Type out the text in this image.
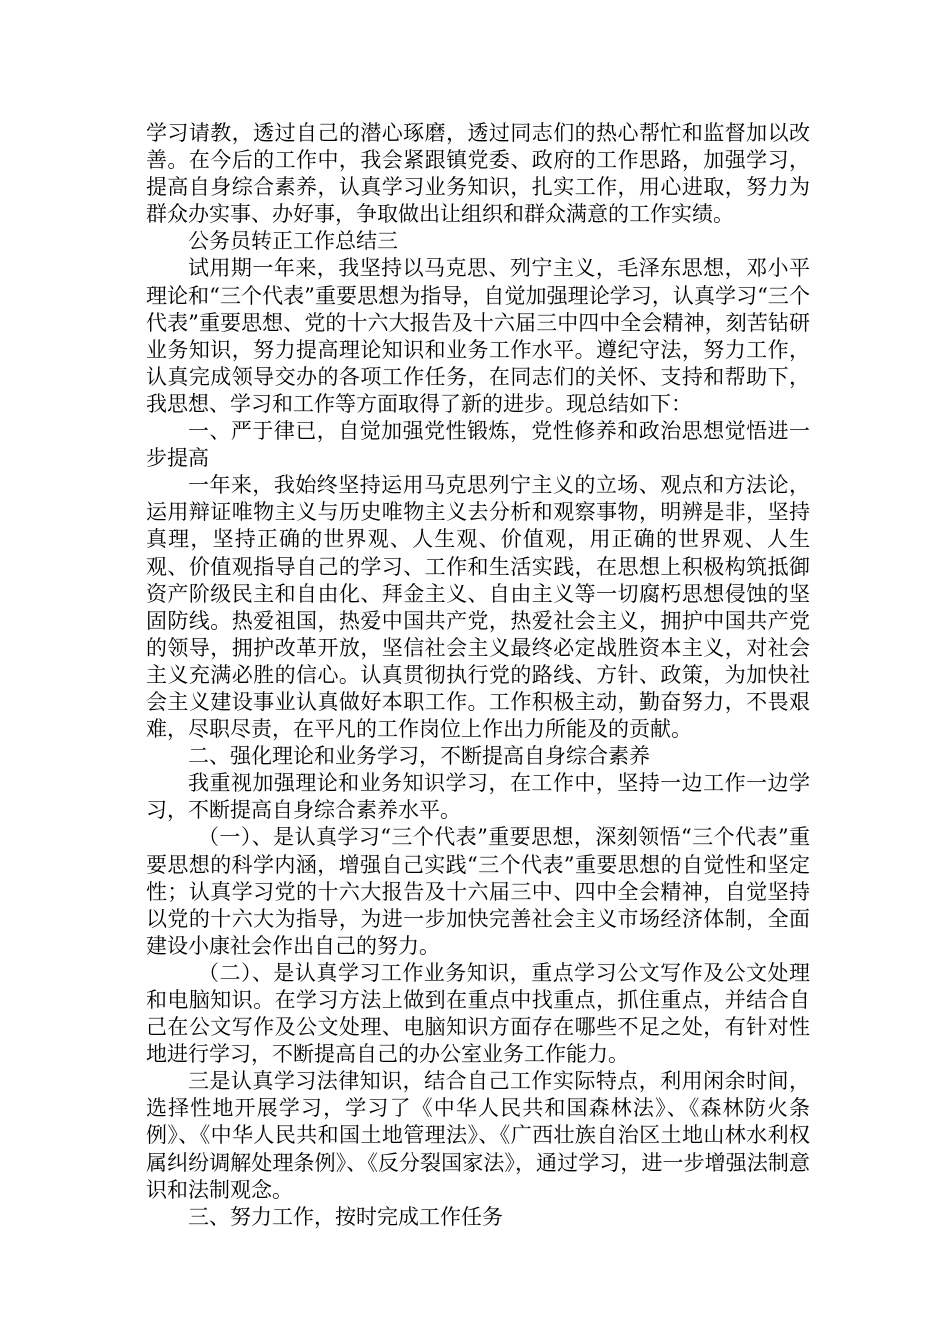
学习请教，透过自己的潜心琢磨，透过同志们的热心帮忙和监督加以改善。在今后的工作中，我会紧跟镇党委、政府的工作思路，加强学习，提高自身综合素养，认真学习业务知识，扎实工作，用心进取，努力为群众办实事、办好事，争取做出让组织和群众满意的工作实绩。

公务员转正工作总结三

试用期一年来，我坚持以马克思、列宁主义，毛泽东思想，邓小平理论和“三个代表”重要思想为指导，自觉加强理论学习，认真学习“三个代表”重要思想、党的十六大报告及十六届三中四中全会精神，刻苦钻研业务知识，努力提高理论知识和业务工作水平。遵纪守法，努力工作，认真完成领导交办的各项工作任务，在同志们的关怀、支持和帮助下，我思想、学习和工作等方面取得了新的进步。现总结如下：

一、严于律已，自觉加强党性锻炼，党性修养和政治思想觉悟进一步提高

一年来，我始终坚持运用马克思列宁主义的立场、观点和方法论，运用辩证唯物主义与历史唯物主义去分析和观察事物，明辨是非，坚持真理，坚持正确的世界观、人生观、价值观，用正确的世界观、人生观、价值观指导自己的学习、工作和生活实践，在思想上积极构筑抵御资产阶级民主和自由化、拜金主义、自由主义等一切腐朽思想侵蚀的坚固防线。热爱祖国，热爱中国共产党，热爱社会主义，拥护中国共产党的领导，拥护改革开放，坚信社会主义最终必定战胜资本主义，对社会主义充满必胜的信心。认真贯彻执行党的路线、方针、政策，为加快社会主义建设事业认真做好本职工作。工作积极主动，勤奋努力，不畏艰难，尽职尽责，在平凡的工作岗位上作出力所能及的贡献。

二、强化理论和业务学习，不断提高自身综合素养

我重视加强理论和业务知识学习，在工作中，坚持一边工作一边学习，不断提高自身综合素养水平。

（一）、是认真学习“三个代表”重要思想，深刻领悟“三个代表”重要思想的科学内涵，增强自己实践“三个代表”重要思想的自觉性和坚定性；认真学习党的十六大报告及十六届三中、四中全会精神，自觉坚持以党的十六大为指导，为进一步加快完善社会主义市场经济体制，全面建设小康社会作出自己的努力。

（二）、是认真学习工作业务知识，重点学习公文写作及公文处理和电脑知识。在学习方法上做到在重点中找重点，抓住重点，并结合自己在公文写作及公文处理、电脑知识方面存在哪些不足之处，有针对性地进行学习，不断提高自己的办公室业务工作能力。

三是认真学习法律知识，结合自己工作实际特点，利用闲余时间，选择性地开展学习，学习了《中华人民共和国森林法》、《森林防火条例》、《中华人民共和国土地管理法》、《广西壮族自治区土地山林水利权属纠纷调解处理条例》、《反分裂国家法》，通过学习，进一步增强法制意识和法制观念。

三、努力工作，按时完成工作任务
